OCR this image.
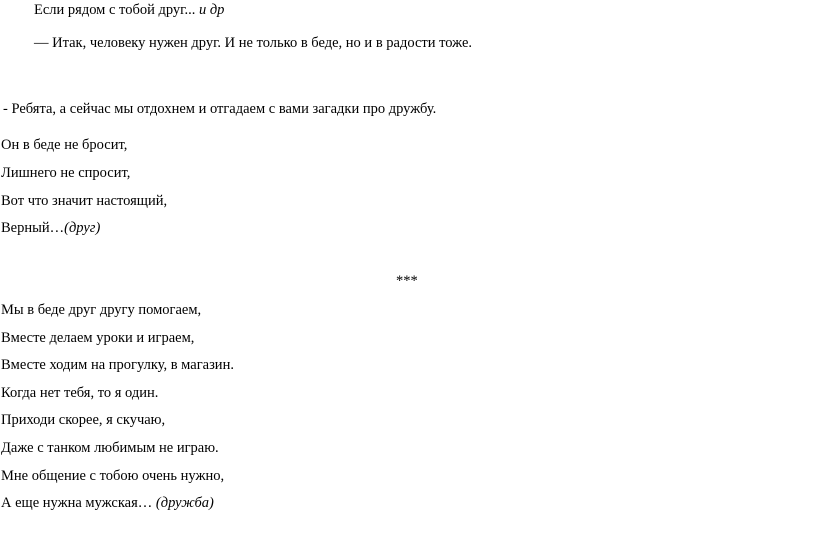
Если рядом с тобой друг... и др
— Итак, человеку нужен друг. И не только в беде, но и в радости тоже.
- Ребята, а сейчас мы отдохнем и отгадаем с вами загадки про дружбу.
Он в беде не бросит,
Лишнего не спросит,
Вот что значит настоящий,
Верный…(друг)
***
Мы в беде друг другу помогаем,
Вместе делаем уроки и играем,
Вместе ходим на прогулку, в магазин.
Когда нет тебя, то я один.
Приходи скорее, я скучаю,
Даже с танком любимым не играю.
Мне общение с тобою очень нужно,
А еще нужна мужская… (дружба)
